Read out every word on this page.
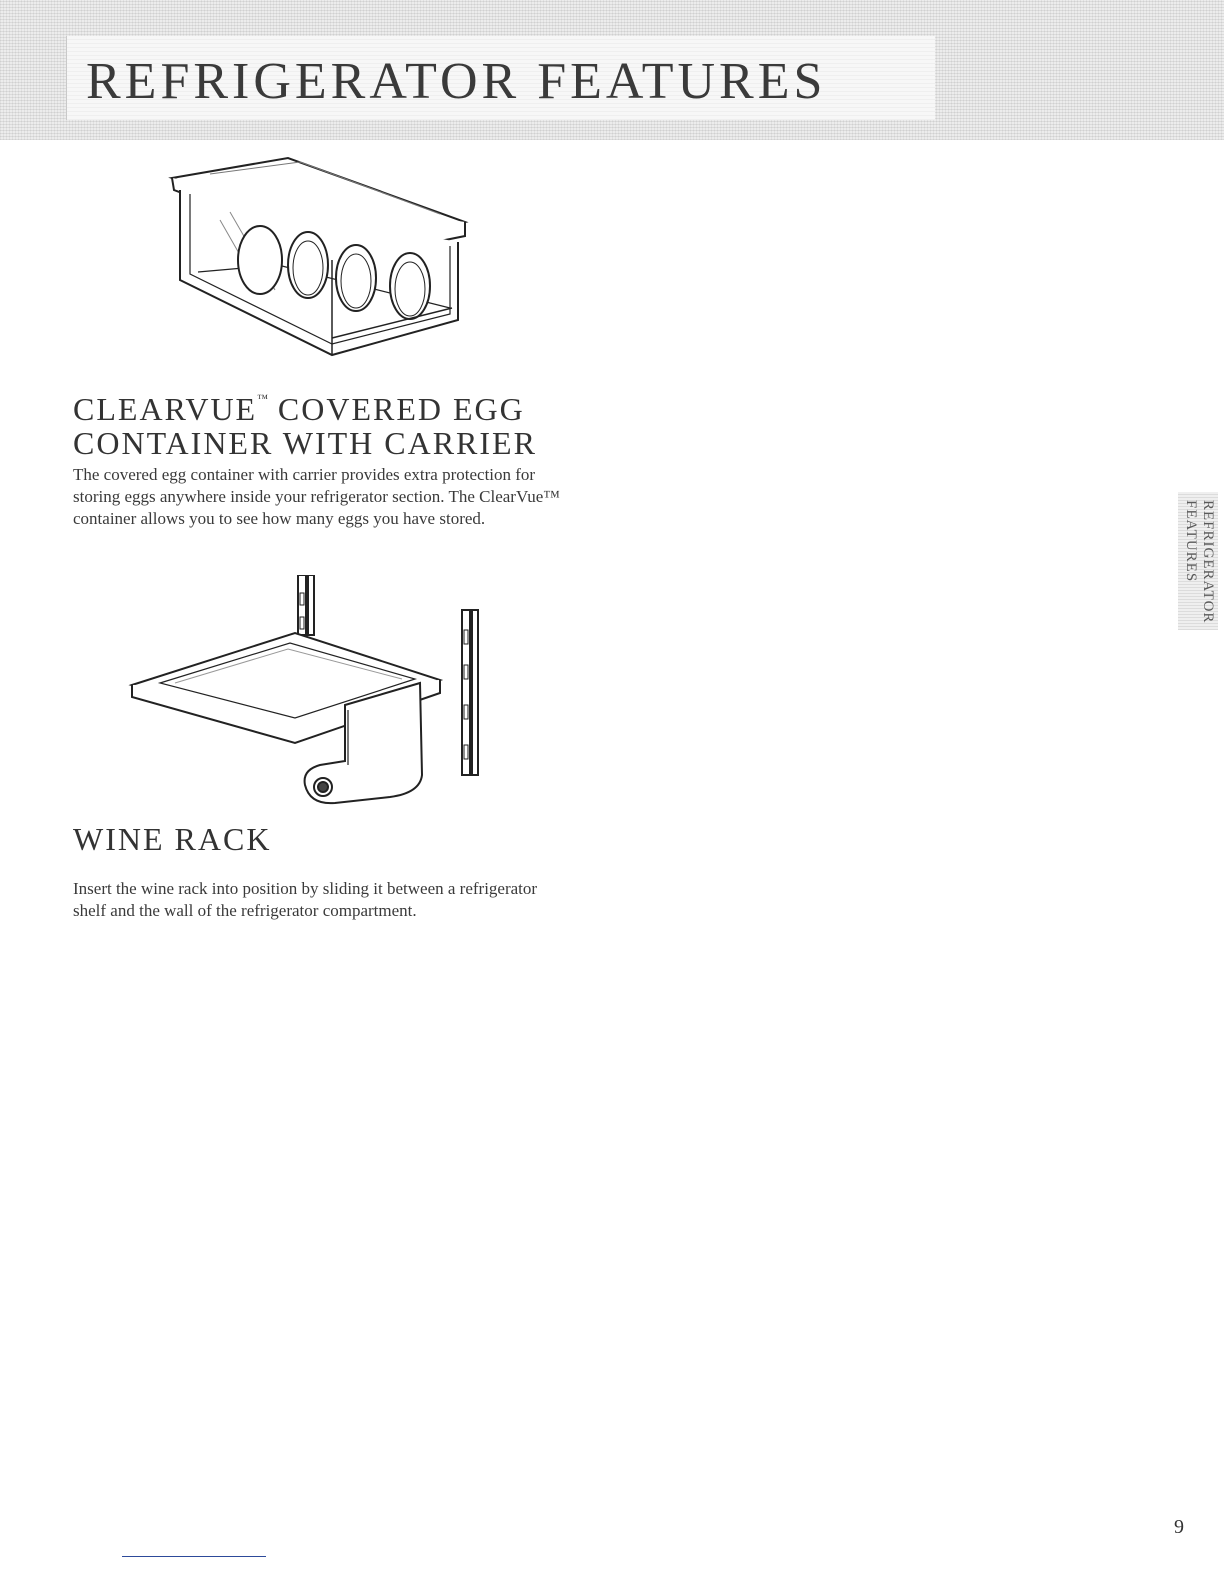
REFRIGERATOR FEATURES
CLEARVUE™ COVERED EGG CONTAINER WITH CARRIER

The covered egg container with carrier provides extra protection for storing eggs anywhere inside your refrigerator section. The ClearVue™ container allows you to see how many eggs you have stored.

WINE RACK

Insert the wine rack into position by sliding it between a refrigerator shelf and the wall of the refrigerator compartment.

REFRIGERATOR FEATURES
9
